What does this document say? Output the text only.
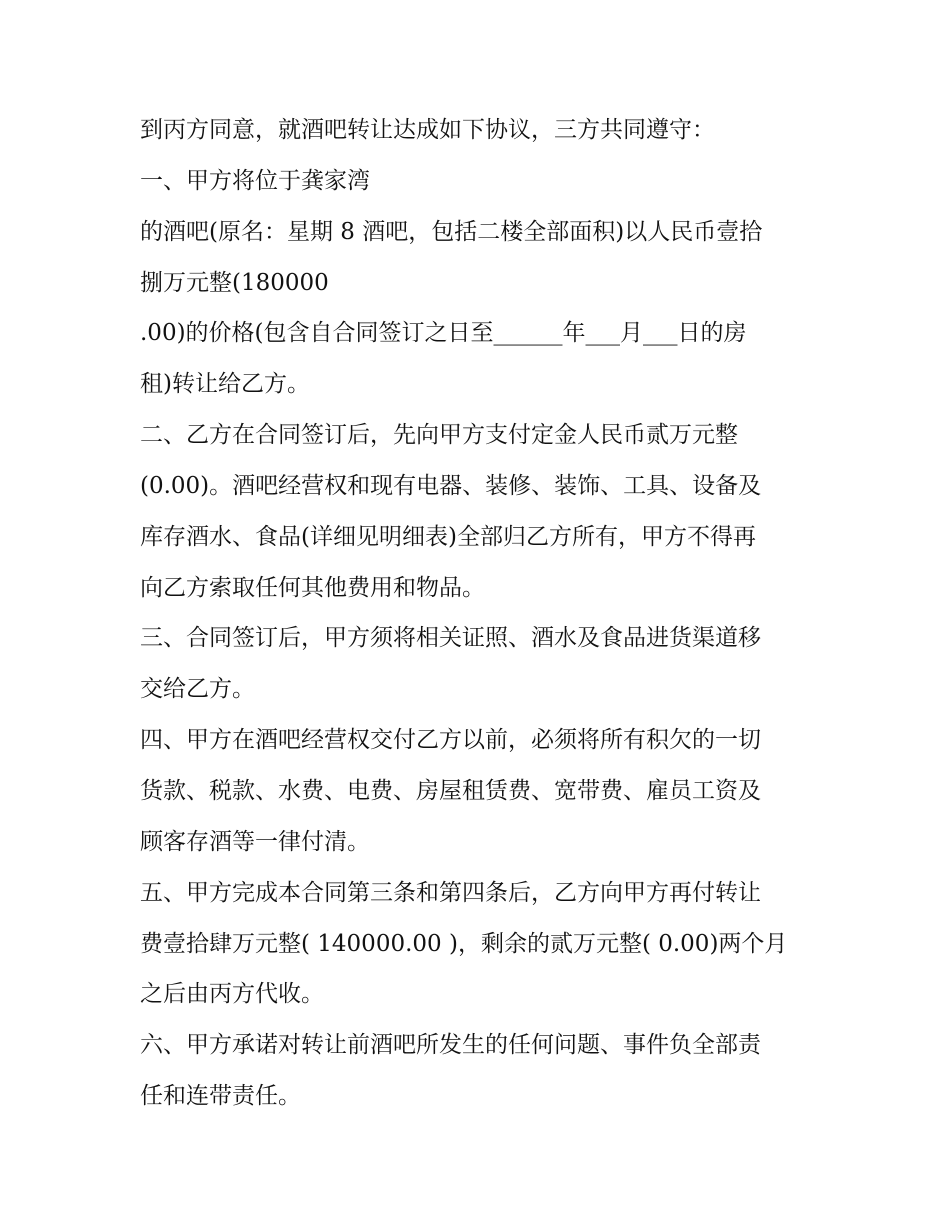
到丙方同意，就酒吧转让达成如下协议，三方共同遵守：
一、甲方将位于龚家湾
的酒吧(原名：星期 8 酒吧，包括二楼全部面积)以人民币壹拾
捌万元整(180000
.00)的价格(包含自合同签订之日至______年___月___日的房
租)转让给乙方。
二、乙方在合同签订后，先向甲方支付定金人民币贰万元整
(0.00)。酒吧经营权和现有电器、装修、装饰、工具、设备及
库存酒水、食品(详细见明细表)全部归乙方所有，甲方不得再
向乙方索取任何其他费用和物品。
三、合同签订后，甲方须将相关证照、酒水及食品进货渠道移
交给乙方。
四、甲方在酒吧经营权交付乙方以前，必须将所有积欠的一切
货款、税款、水费、电费、房屋租赁费、宽带费、雇员工资及
顾客存酒等一律付清。
五、甲方完成本合同第三条和第四条后，乙方向甲方再付转让
费壹拾肆万元整( 140000.00 )，剩余的贰万元整( 0.00)两个月
之后由丙方代收。
六、甲方承诺对转让前酒吧所发生的任何问题、事件负全部责
任和连带责任。
